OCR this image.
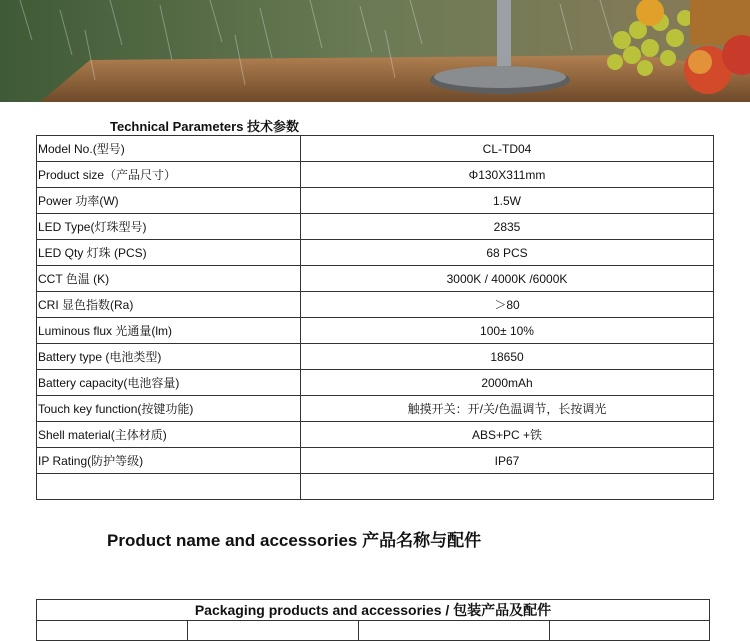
Technical Parameters 技术参数
Model No.(型号)	CL-TD04
Product size（产品尺寸）	Φ130X311mm
Power 功率(W)	1.5W
LED Type(灯珠型号)	2835
LED Qty 灯珠 (PCS)	68 PCS
CCT 色温 (K)	3000K / 4000K /6000K
CRI 显色指数(Ra)	＞80
Luminous flux 光通量(lm)	100± 10%
Battery type (电池类型)	18650
Battery capacity(电池容量)	2000mAh
Touch key function(按键功能)	触摸开关：开/关/色温调节，长按调光
Shell material(主体材质)	ABS+PC +铁
IP Rating(防护等级)	IP67

Product name and accessories 产品名称与配件
Packaging products and accessories / 包装产品及配件
